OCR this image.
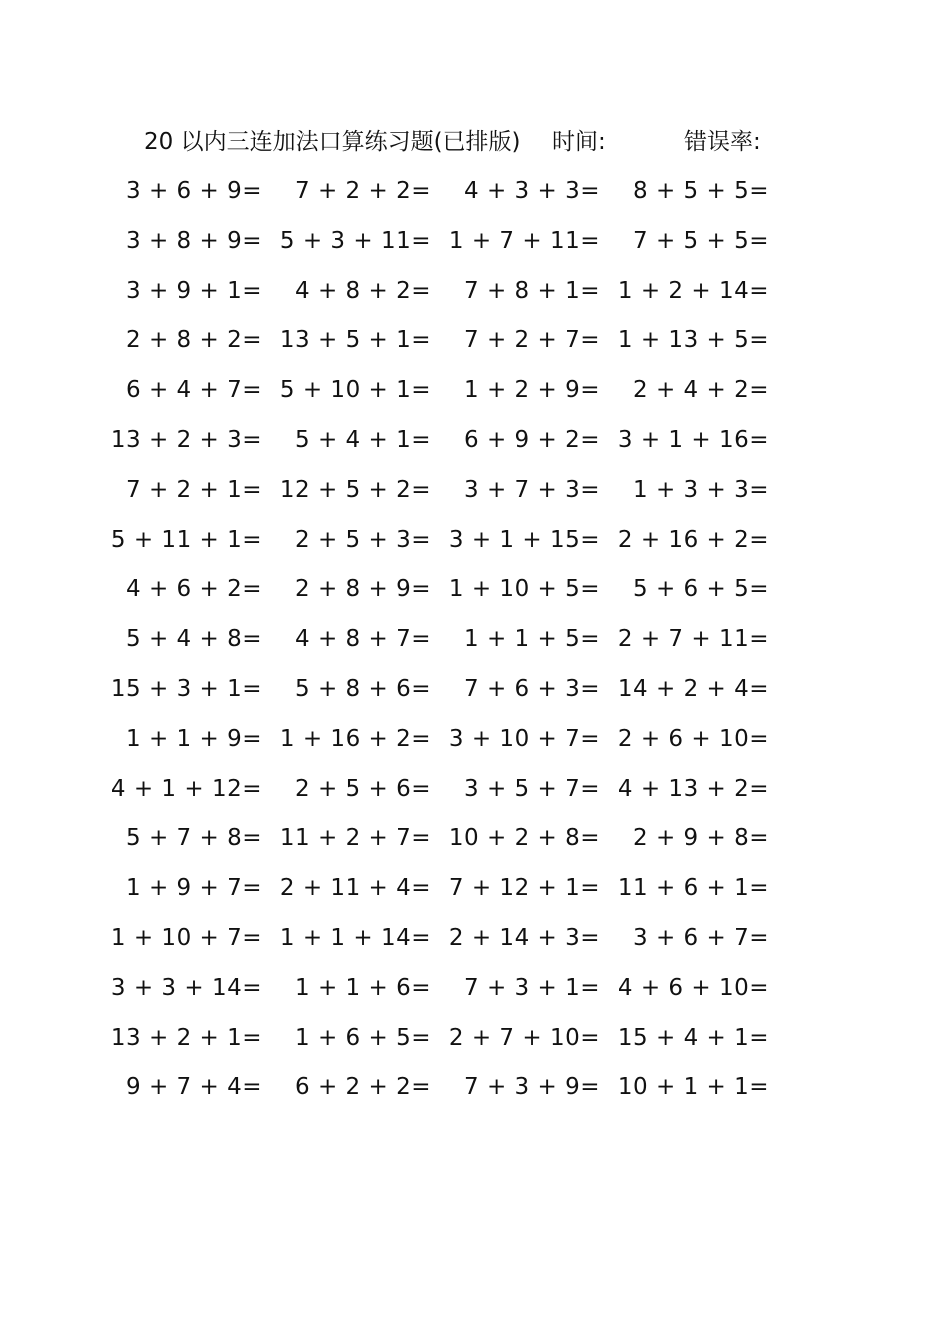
20 以内三连加法口算练习题(已排版) 时间:	错误率:
3 + 6 + 9= 7 + 2 + 2= 4 + 3 + 3= 8 + 5 + 5=
3 + 8 + 9= 5 + 3 + 11= 1 + 7 + 11= 7 + 5 + 5=
3 + 9 + 1= 4 + 8 + 2= 7 + 8 + 1= 1 + 2 + 14=
2 + 8 + 2= 13 + 5 + 1= 7 + 2 + 7= 1 + 13 + 5=
6 + 4 + 7= 5 + 10 + 1= 1 + 2 + 9= 2 + 4 + 2=
13 + 2 + 3= 5 + 4 + 1= 6 + 9 + 2= 3 + 1 + 16=
7 + 2 + 1= 12 + 5 + 2= 3 + 7 + 3= 1 + 3 + 3=
5 + 11 + 1= 2 + 5 + 3= 3 + 1 + 15= 2 + 16 + 2=
4 + 6 + 2= 2 + 8 + 9= 1 + 10 + 5= 5 + 6 + 5=
5 + 4 + 8= 4 + 8 + 7= 1 + 1 + 5= 2 + 7 + 11=
15 + 3 + 1= 5 + 8 + 6= 7 + 6 + 3= 14 + 2 + 4=
1 + 1 + 9= 1 + 16 + 2= 3 + 10 + 7= 2 + 6 + 10=
4 + 1 + 12= 2 + 5 + 6= 3 + 5 + 7= 4 + 13 + 2=
5 + 7 + 8= 11 + 2 + 7= 10 + 2 + 8= 2 + 9 + 8=
1 + 9 + 7= 2 + 11 + 4= 7 + 12 + 1= 11 + 6 + 1=
1 + 10 + 7= 1 + 1 + 14= 2 + 14 + 3= 3 + 6 + 7=
3 + 3 + 14= 1 + 1 + 6= 7 + 3 + 1= 4 + 6 + 10=
13 + 2 + 1= 1 + 6 + 5= 2 + 7 + 10= 15 + 4 + 1=
9 + 7 + 4= 6 + 2 + 2= 7 + 3 + 9= 10 + 1 + 1=
